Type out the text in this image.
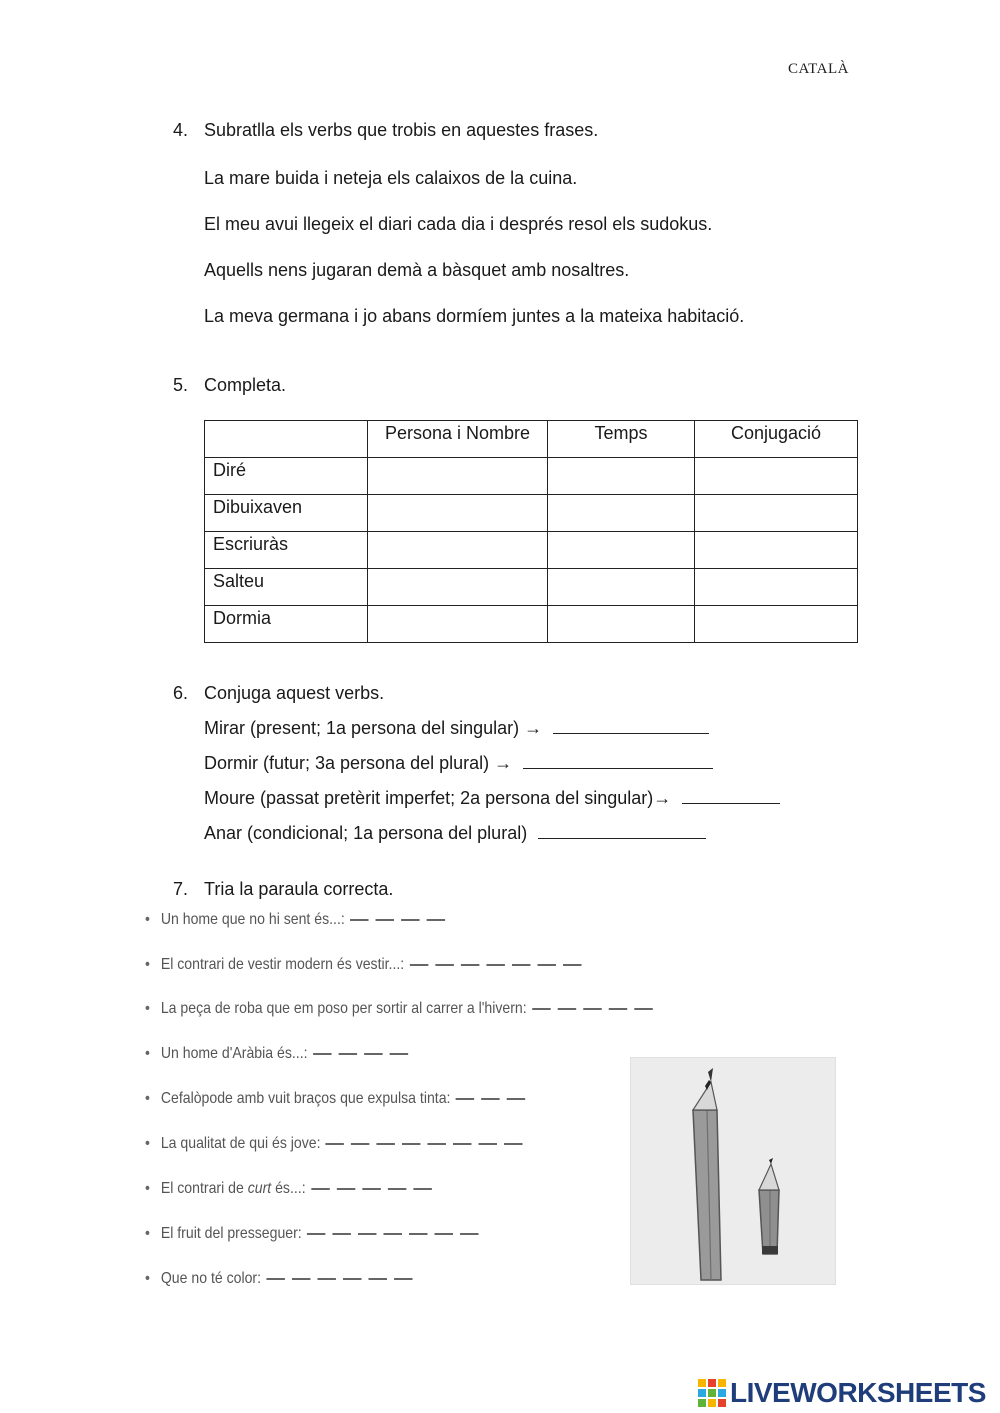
CATALÀ
4. Subratlla els verbs que trobis en aquestes frases.
La mare buida i neteja els calaixos de la cuina.
El meu avui llegeix el diari cada dia i després resol els sudokus.
Aquells nens jugaran demà a bàsquet amb nosaltres.
La meva germana i jo abans dormíem juntes a la mateixa habitació.
5. Completa.
	Persona i Nombre	Temps	Conjugació
Diré			
Dibuixaven			
Escriuràs			
Salteu			
Dormia			
6. Conjuga aquest verbs.
Mirar (present; 1a persona del singular) →
Dormir (futur; 3a persona del plural) →
Moure (passat pretèrit imperfet; 2a persona del singular)→
Anar (condicional; 1a persona del plural)
7. Tria la paraula correcta.
• Un home que no hi sent és...:
• El contrari de vestir modern és vestir...:
• La peça de roba que em poso per sortir al carrer a l'hivern:
• Un home d'Aràbia és...:
• Cefalòpode amb vuit braços que expulsa tinta:
• La qualitat de qui és jove:
• El contrari de curt és...:
• El fruit del presseguer:
• Que no té color:
LIVEWORKSHEETS
